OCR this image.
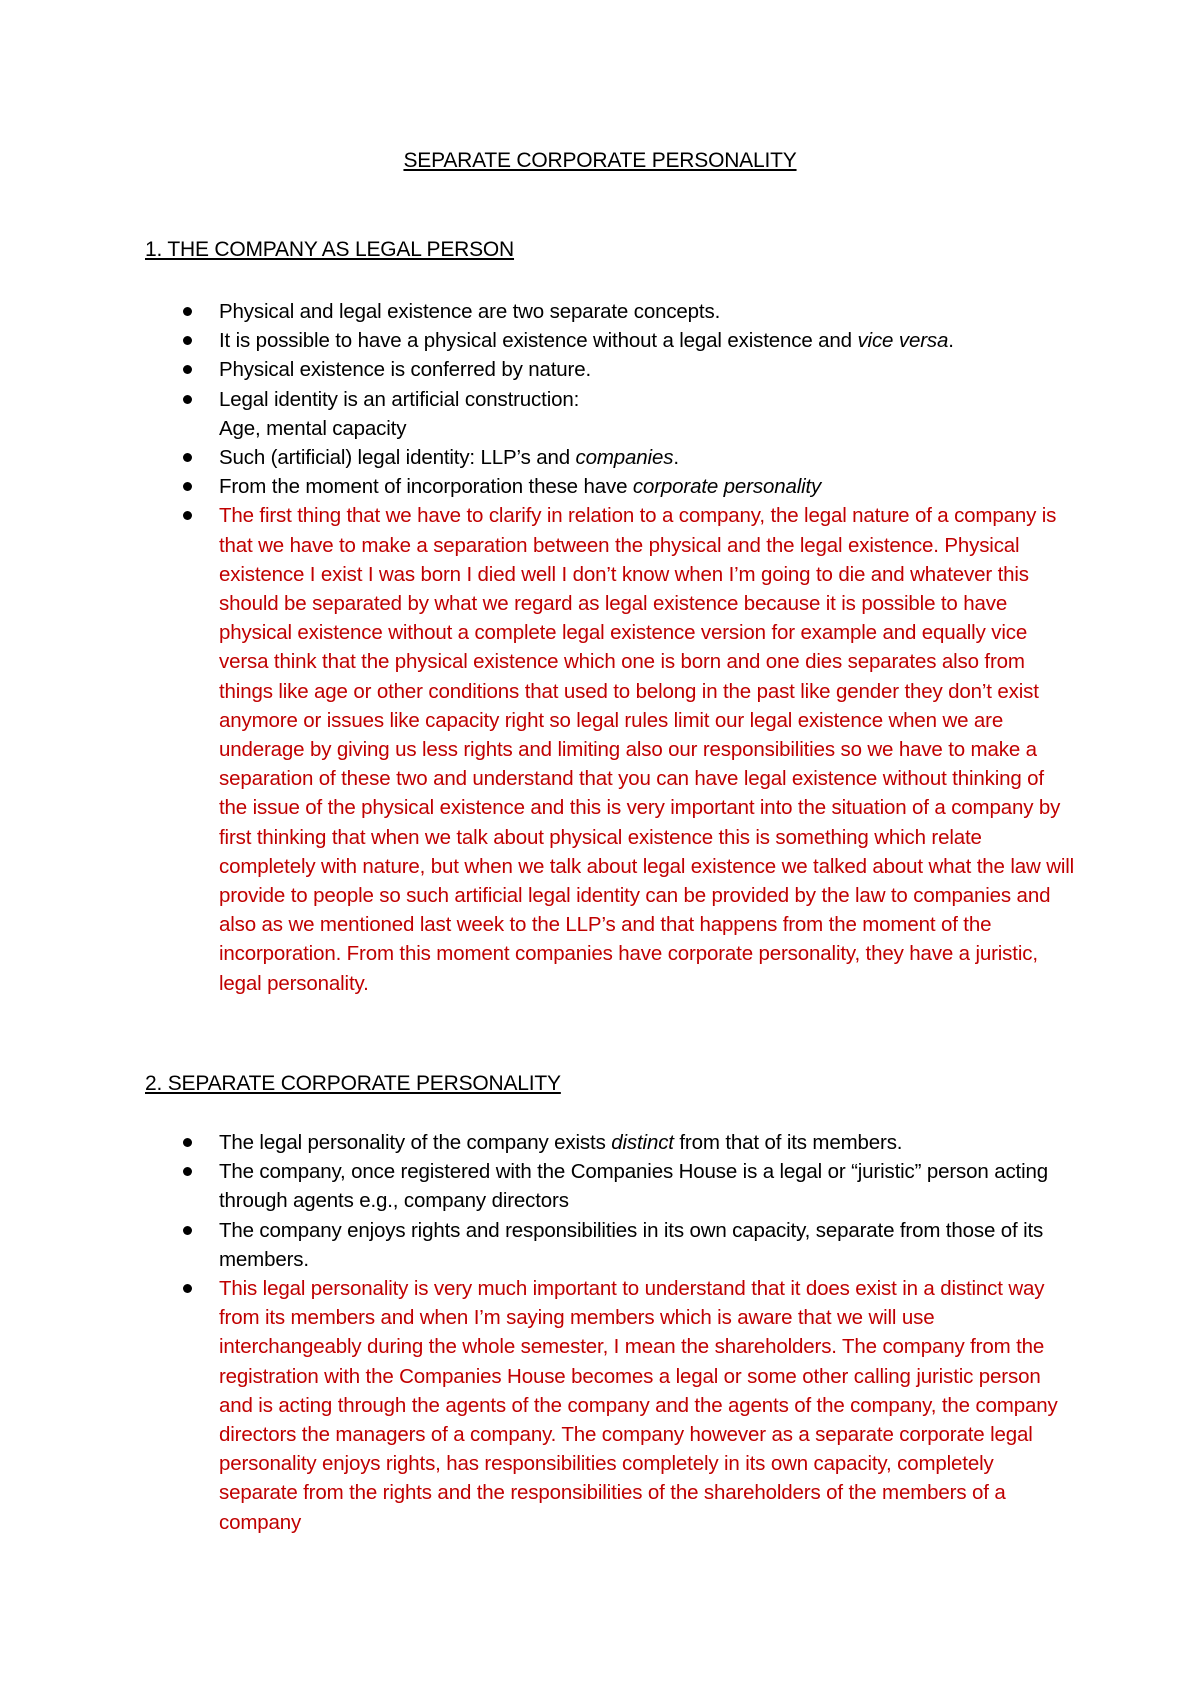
SEPARATE CORPORATE PERSONALITY
1. THE COMPANY AS LEGAL PERSON
Physical and legal existence are two separate concepts.
It is possible to have a physical existence without a legal existence and vice versa.
Physical existence is conferred by nature.
Legal identity is an artificial construction:
Age, mental capacity
Such (artificial) legal identity: LLP’s and companies.
From the moment of incorporation these have corporate personality
The first thing that we have to clarify in relation to a company, the legal nature of a company is that we have to make a separation between the physical and the legal existence. Physical existence I exist I was born I died well I don’t know when I’m going to die and whatever this should be separated by what we regard as legal existence because it is possible to have physical existence without a complete legal existence version for example and equally vice versa think that the physical existence which one is born and one dies separates also from things like age or other conditions that used to belong in the past like gender they don’t exist anymore or issues like capacity right so legal rules limit our legal existence when we are underage by giving us less rights and limiting also our responsibilities so we have to make a separation of these two and understand that you can have legal existence without thinking of the issue of the physical existence and this is very important into the situation of a company by first thinking that when we talk about physical existence this is something which relate completely with nature, but when we talk about legal existence we talked about what the law will provide to people so such artificial legal identity can be provided by the law to companies and also as we mentioned last week to the LLP’s and that happens from the moment of the incorporation. From this moment companies have corporate personality, they have a juristic, legal personality.
2. SEPARATE CORPORATE PERSONALITY
The legal personality of the company exists distinct from that of its members.
The company, once registered with the Companies House is a legal or “juristic” person acting through agents e.g., company directors
The company enjoys rights and responsibilities in its own capacity, separate from those of its members.
This legal personality is very much important to understand that it does exist in a distinct way from its members and when I’m saying members which is aware that we will use interchangeably during the whole semester, I mean the shareholders. The company from the registration with the Companies House becomes a legal or some other calling juristic person and is acting through the agents of the company and the agents of the company, the company directors the managers of a company. The company however as a separate corporate legal personality enjoys rights, has responsibilities completely in its own capacity, completely separate from the rights and the responsibilities of the shareholders of the members of a company
